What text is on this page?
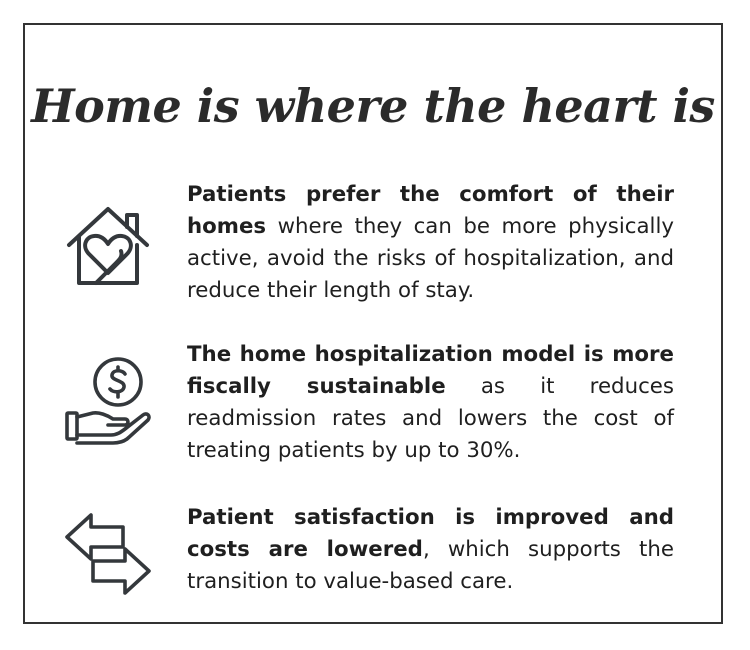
Home is where the heart is
Patients prefer the comfort of their homes where they can be more physically active, avoid the risks of hospitalization, and reduce their length of stay.
The home hospitalization model is more fiscally sustainable as it reduces readmission rates and lowers the cost of treating patients by up to 30%.
Patient satisfaction is improved and costs are lowered, which supports the transition to value-based care.
